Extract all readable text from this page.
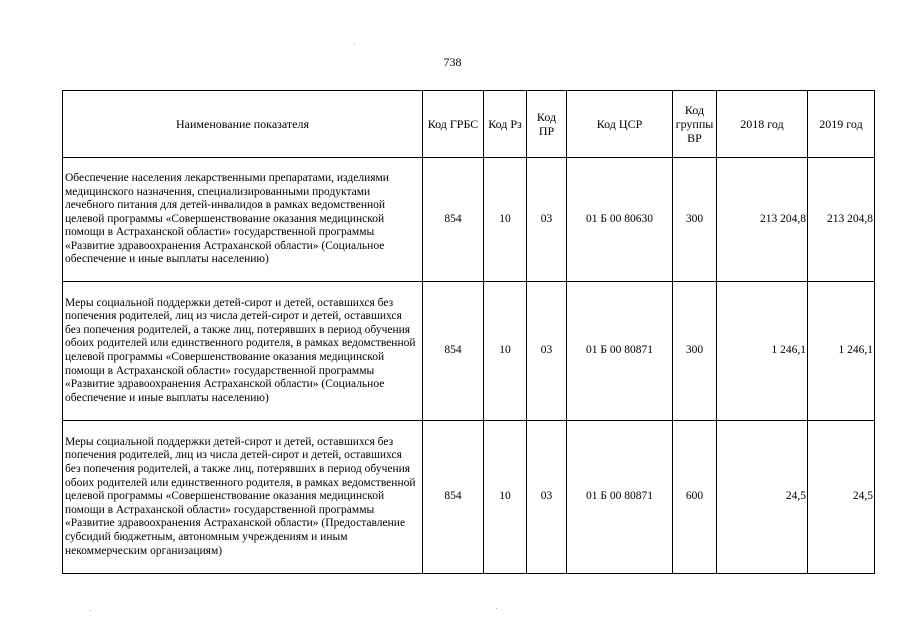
738
Наименование показателя	Код ГРБС	Код Рз	Код ПР	Код ЦСР	Код группы ВР	2018 год	2019 год
Обеспечение населения лекарственными препаратами, изделиями медицинского назначения, специализированными продуктами лечебного питания для детей-инвалидов в рамках ведомственной целевой программы «Совершенствование оказания медицинской помощи в Астраханской области» государственной программы «Развитие здравоохранения Астраханской области» (Социальное обеспечение и иные выплаты населению)	854	10	03	01 Б 00 80630	300	213 204,8	213 204,8
Меры социальной поддержки детей-сирот и детей, оставшихся без попечения родителей, лиц из числа детей-сирот и детей, оставшихся без попечения родителей, а также лиц, потерявших в период обучения обоих родителей или единственного родителя, в рамках ведомственной целевой программы «Совершенствование оказания медицинской помощи в Астраханской области» государственной программы «Развитие здравоохранения Астраханской области» (Социальное обеспечение и иные выплаты населению)	854	10	03	01 Б 00 80871	300	1 246,1	1 246,1
Меры социальной поддержки детей-сирот и детей, оставшихся без попечения родителей, лиц из числа детей-сирот и детей, оставшихся без попечения родителей, а также лиц, потерявших в период обучения обоих родителей или единственного родителя, в рамках ведомственной целевой программы «Совершенствование оказания медицинской помощи в Астраханской области» государственной программы «Развитие здравоохранения Астраханской области» (Предоставление субсидий бюджетным, автономным учреждениям и иным некоммерческим организациям)	854	10	03	01 Б 00 80871	600	24,5	24,5
